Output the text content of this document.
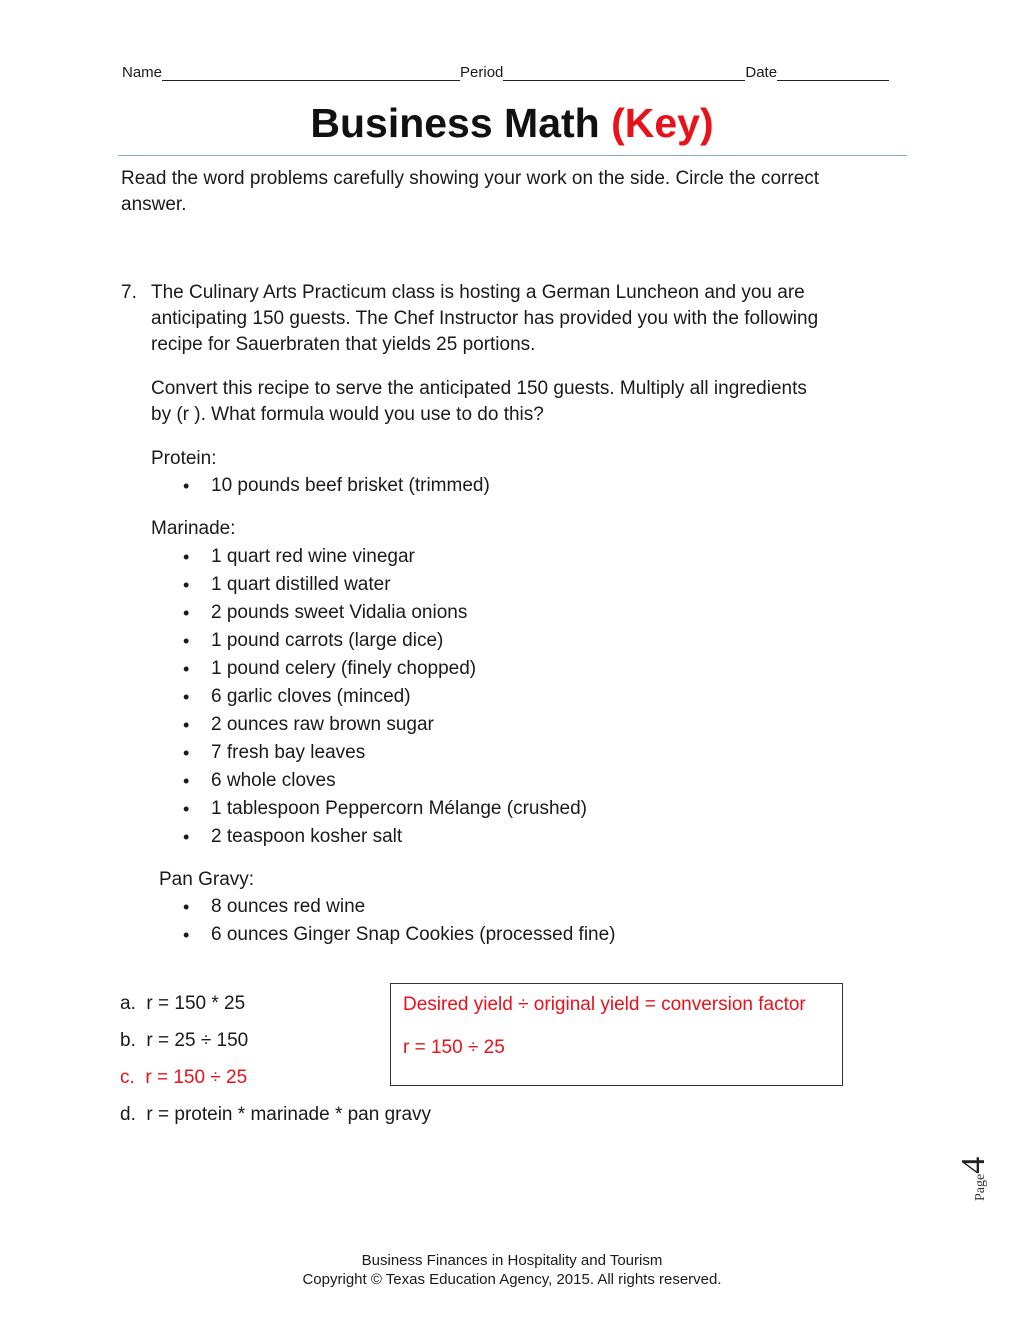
Name	Period	Date
Business Math (Key)
Read the word problems carefully showing your work on the side. Circle the correct answer.
7. The Culinary Arts Practicum class is hosting a German Luncheon and you are
anticipating 150 guests. The Chef Instructor has provided you with the following
recipe for Sauerbraten that yields 25 portions.
Convert this recipe to serve the anticipated 150 guests. Multiply all ingredients
by (r ). What formula would you use to do this?
Protein:
• 10 pounds beef brisket (trimmed)
Marinade:
• 1 quart red wine vinegar
• 1 quart distilled water
• 2 pounds sweet Vidalia onions
• 1 pound carrots (large dice)
• 1 pound celery (finely chopped)
• 6 garlic cloves (minced)
• 2 ounces raw brown sugar
• 7 fresh bay leaves
• 6 whole cloves
• 1 tablespoon Peppercorn Mélange (crushed)
• 2 teaspoon kosher salt
Pan Gravy:
• 8 ounces red wine
• 6 ounces Ginger Snap Cookies (processed fine)
a. r = 150 * 25
b. r = 25 ÷ 150
c. r = 150 ÷ 25
d. r = protein * marinade * pan gravy
Desired yield ÷ original yield = conversion factor
r = 150 ÷ 25
Page4
Business Finances in Hospitality and Tourism
Copyright © Texas Education Agency, 2015. All rights reserved.
